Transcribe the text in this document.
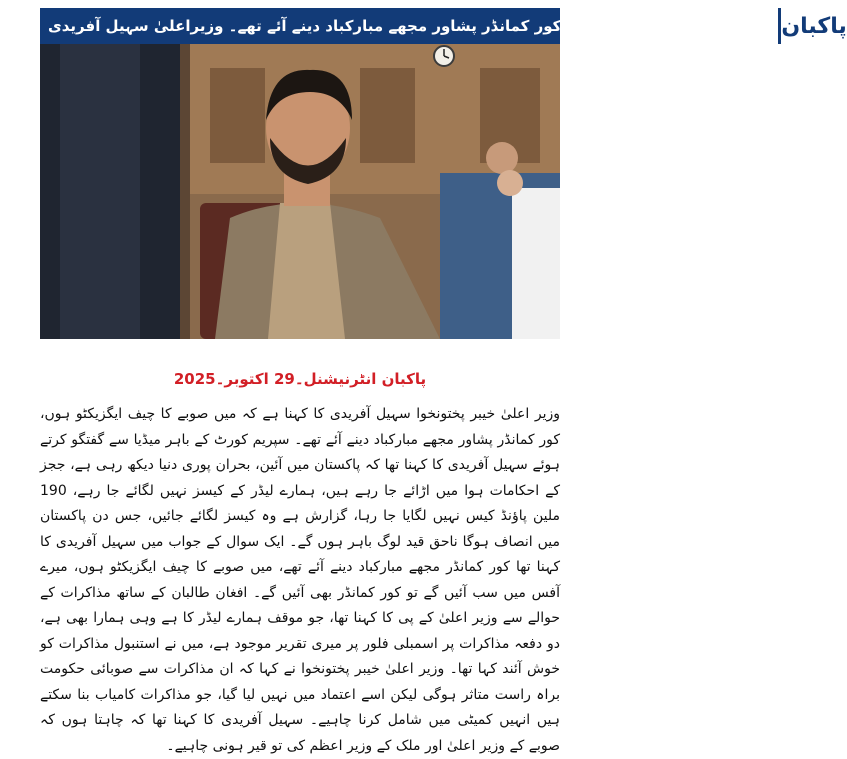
صوبے کا چیف ایگزیکٹو ہوں، کور کمانڈر پشاور مجھے مبارکباد دینے آئے تھے۔ وزیراعلیٰ سہیل آفریدی پاکبان
پاکبان انٹرنیشنل۔29 اکتوبر۔2025
وزیر اعلیٰ خیبر پختونخوا سہیل آفریدی کا کہنا ہے کہ میں صوبے کا چیف ایگزیکٹو ہوں، کور کمانڈر پشاور مجھے مبارکباد دینے آئے تھے۔ سپریم کورٹ کے باہر میڈیا سے گفتگو کرتے ہوئے سہیل آفریدی کا کہنا تھا کہ پاکستان میں آئین، بحران پوری دنیا دیکھ رہی ہے، ججز کے احکامات ہوا میں اڑائے جا رہے ہیں، ہمارے لیڈر کے کیسز نہیں لگائے جا رہے، 190 ملین پاؤنڈ کیس نہیں لگایا جا رہا، گزارش ہے وہ کیسز لگائے جائیں، جس دن پاکستان میں انصاف ہوگا ناحق قید لوگ باہر ہوں گے۔ ایک سوال کے جواب میں سہیل آفریدی کا کہنا تھا کور کمانڈر مجھے مبارکباد دینے آئے تھے، میں صوبے کا چیف ایگزیکٹو ہوں، میرے آفس میں سب آئیں گے تو کور کمانڈر بھی آئیں گے۔ افغان طالبان کے ساتھ مذاکرات کے حوالے سے وزیر اعلیٰ کے پی کا کہنا تھا، جو موقف ہمارے لیڈر کا ہے وہی ہمارا بھی ہے، دو دفعہ مذاکرات پر اسمبلی فلور پر میری تقریر موجود ہے، میں نے استنبول مذاکرات کو خوش آئند کہا تھا۔ وزیر اعلیٰ خیبر پختونخوا نے کہا کہ ان مذاکرات سے صوبائی حکومت براہ راست متاثر ہوگی لیکن اسے اعتماد میں نہیں لیا گیا، جو مذاکرات کامیاب بنا سکتے ہیں انہیں کمیٹی میں شامل کرنا چاہیے۔ سہیل آفریدی کا کہنا تھا کہ چاہتا ہوں کہ صوبے کے وزیر اعلیٰ اور ملک کے وزیر اعظم کی تو قیر ہونی چاہیے۔
